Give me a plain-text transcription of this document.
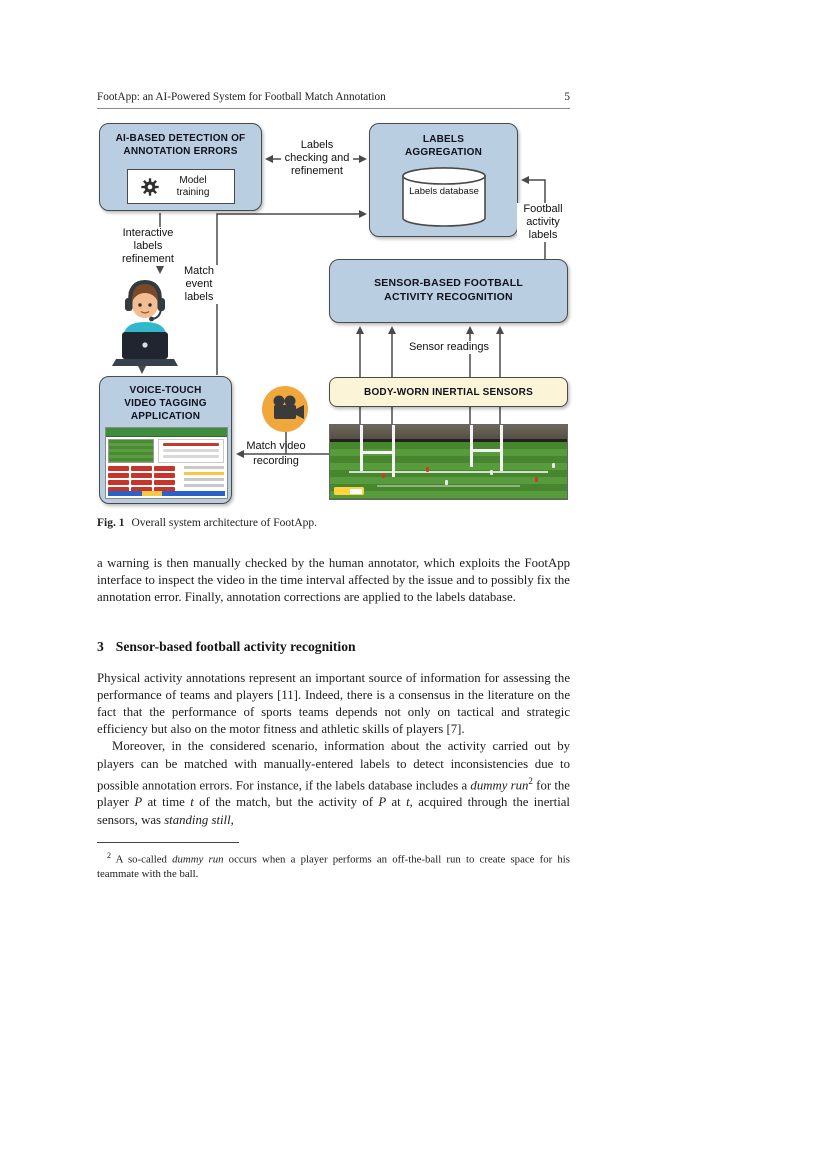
FootApp: an AI-Powered System for Football Match Annotation	5
AI-BASED DETECTION OF ANNOTATION ERRORS
Model training
LABELS AGGREGATION
Labels database
SENSOR-BASED FOOTBALL ACTIVITY RECOGNITION
BODY-WORN INERTIAL SENSORS
VOICE-TOUCH VIDEO TAGGING APPLICATION
Labels checking and refinement
Football activity labels
Interactive labels refinement
Match event labels
Sensor readings
Match video recording
Fig. 1 Overall system architecture of FootApp.

a warning is then manually checked by the human annotator, which exploits the FootApp interface to inspect the video in the time interval affected by the issue and to possibly fix the annotation error. Finally, annotation corrections are applied to the labels database.

3 Sensor-based football activity recognition

Physical activity annotations represent an important source of information for assessing the performance of teams and players [11]. Indeed, there is a consensus in the literature on the fact that the performance of sports teams depends not only on tactical and strategic efficiency but also on the motor fitness and athletic skills of players [7].

Moreover, in the considered scenario, information about the activity carried out by players can be matched with manually-entered labels to detect inconsistencies due to possible annotation errors. For instance, if the labels database includes a dummy run$^2$ for the player P at time t of the match, but the activity of P at t, acquired through the inertial sensors, was standing still,

$^2$ A so-called dummy run occurs when a player performs an off-the-ball run to create space for his teammate with the ball.
